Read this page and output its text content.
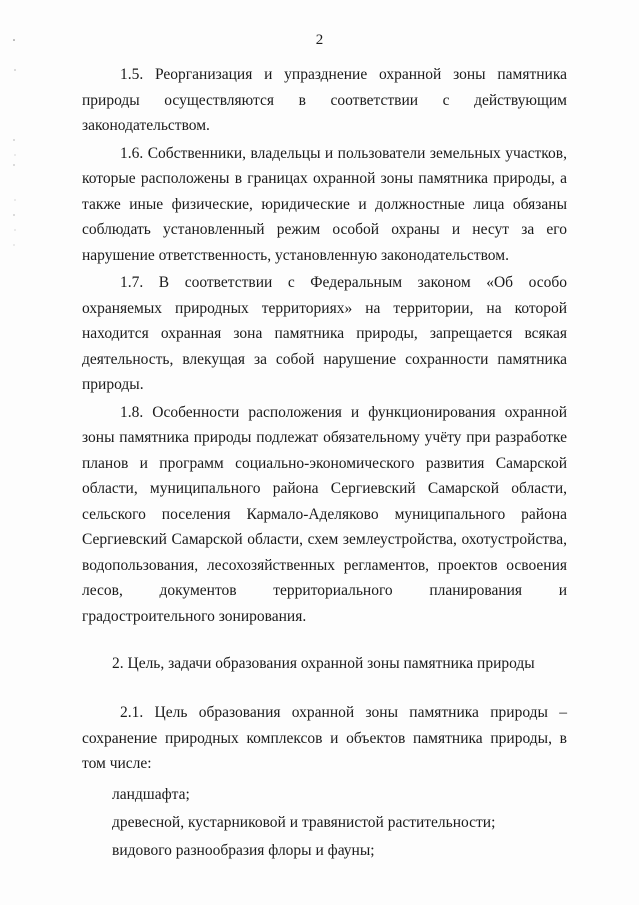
2

1.5. Реорганизация и упразднение охранной зоны памятника природы осуществляются в соответствии с действующим законодательством.

1.6. Собственники, владельцы и пользователи земельных участков, которые расположены в границах охранной зоны памятника природы, а также иные физические, юридические и должностные лица обязаны соблюдать установленный режим особой охраны и несут за его нарушение ответственность, установленную законодательством.

1.7. В соответствии с Федеральным законом «Об особо охраняемых природных территориях» на территории, на которой находится охранная зона памятника природы, запрещается всякая деятельность, влекущая за собой нарушение сохранности памятника природы.

1.8. Особенности расположения и функционирования охранной зоны памятника природы подлежат обязательному учёту при разработке планов и программ социально-экономического развития Самарской области, муниципального района Сергиевский Самарской области, сельского поселения Кармало-Аделяково муниципального района Сергиевский Самарской области, схем землеустройства, охотустройства, водопользования, лесохозяйственных регламентов, проектов освоения лесов, документов территориального планирования и градостроительного зонирования.

2. Цель, задачи образования охранной зоны памятника природы

2.1. Цель образования охранной зоны памятника природы – сохранение природных комплексов и объектов памятника природы, в том числе:

ландшафта;
древесной, кустарниковой и травянистой растительности;
видового разнообразия флоры и фауны;
